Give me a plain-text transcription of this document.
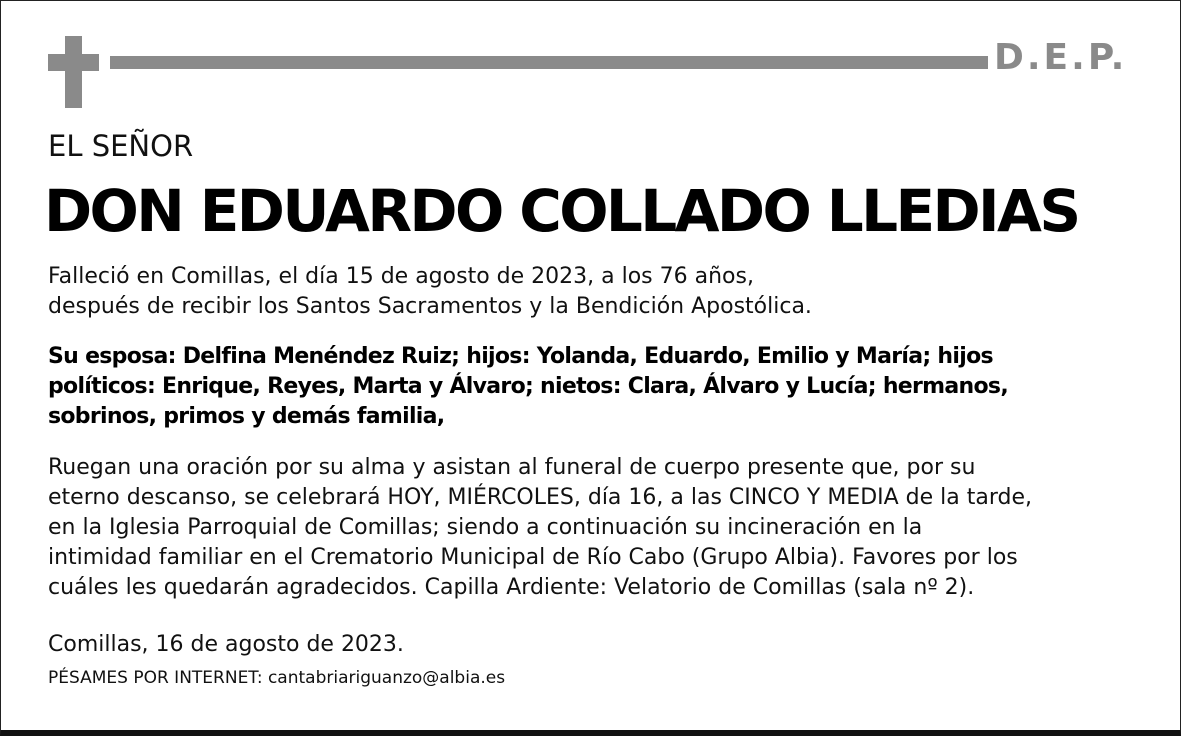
D.E.P.
EL SEÑOR
DON EDUARDO COLLADO LLEDIAS
Falleció en Comillas, el día 15 de agosto de 2023, a los 76 años,
después de recibir los Santos Sacramentos y la Bendición Apostólica.
Su esposa: Delfina Menéndez Ruiz; hijos: Yolanda, Eduardo, Emilio y María; hijos
políticos: Enrique, Reyes, Marta y Álvaro; nietos: Clara, Álvaro y Lucía; hermanos,
sobrinos, primos y demás familia,
Ruegan una oración por su alma y asistan al funeral de cuerpo presente que, por su
eterno descanso, se celebrará HOY, MIÉRCOLES, día 16, a las CINCO Y MEDIA de la tarde,
en la Iglesia Parroquial de Comillas; siendo a continuación su incineración en la
intimidad familiar en el Crematorio Municipal de Río Cabo (Grupo Albia). Favores por los
cuáles les quedarán agradecidos. Capilla Ardiente: Velatorio de Comillas (sala nº 2).
Comillas, 16 de agosto de 2023.
PÉSAMES POR INTERNET: cantabriariguanzo@albia.es
